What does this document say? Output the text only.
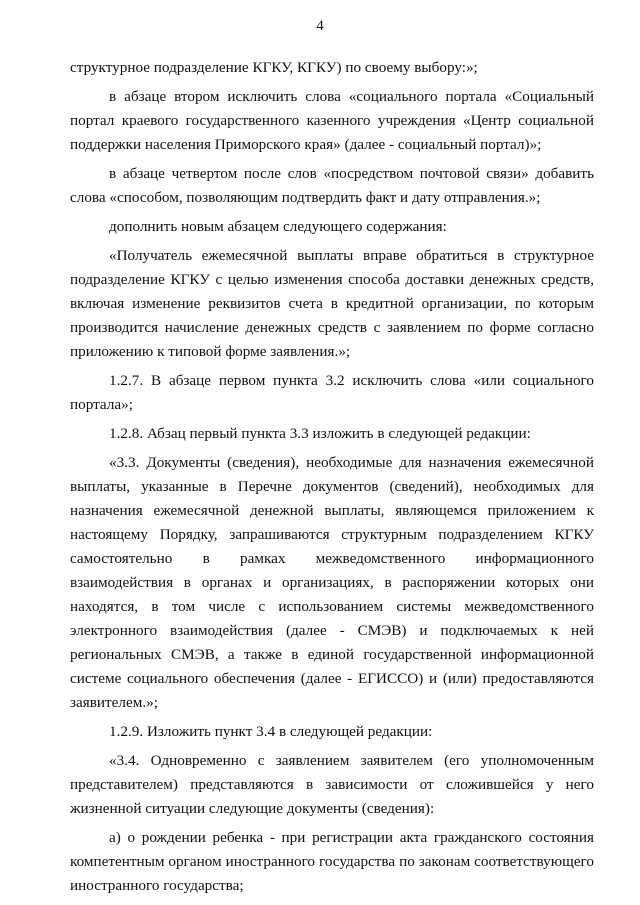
4

структурное подразделение КГКУ, КГКУ) по своему выбору:»;

в абзаце втором исключить слова «социального портала «Социальный портал краевого государственного казенного учреждения «Центр социальной поддержки населения Приморского края» (далее - социальный портал)»;

в абзаце четвертом после слов «посредством почтовой связи» добавить слова «способом, позволяющим подтвердить факт и дату отправления.»;

дополнить новым абзацем следующего содержания:

«Получатель ежемесячной выплаты вправе обратиться в структурное подразделение КГКУ с целью изменения способа доставки денежных средств, включая изменение реквизитов счета в кредитной организации, по которым производится начисление денежных средств с заявлением по форме согласно приложению к типовой форме заявления.»;

1.2.7. В абзаце первом пункта 3.2 исключить слова «или социального портала»;

1.2.8. Абзац первый пункта 3.3 изложить в следующей редакции:

«3.3. Документы (сведения), необходимые для назначения ежемесячной выплаты, указанные в Перечне документов (сведений), необходимых для назначения ежемесячной денежной выплаты, являющемся приложением к настоящему Порядку, запрашиваются структурным подразделением КГКУ самостоятельно в рамках межведомственного информационного взаимодействия в органах и организациях, в распоряжении которых они находятся, в том числе с использованием системы межведомственного электронного взаимодействия (далее - СМЭВ) и подключаемых к ней региональных СМЭВ, а также в единой государственной информационной системе социального обеспечения (далее - ЕГИССО) и (или) предоставляются заявителем.»;

1.2.9. Изложить пункт 3.4 в следующей редакции:

«3.4. Одновременно с заявлением заявителем (его уполномоченным представителем) представляются в зависимости от сложившейся у него жизненной ситуации следующие документы (сведения):

а) о рождении ребенка - при регистрации акта гражданского состояния компетентным органом иностранного государства по законам соответствующего иностранного государства;
